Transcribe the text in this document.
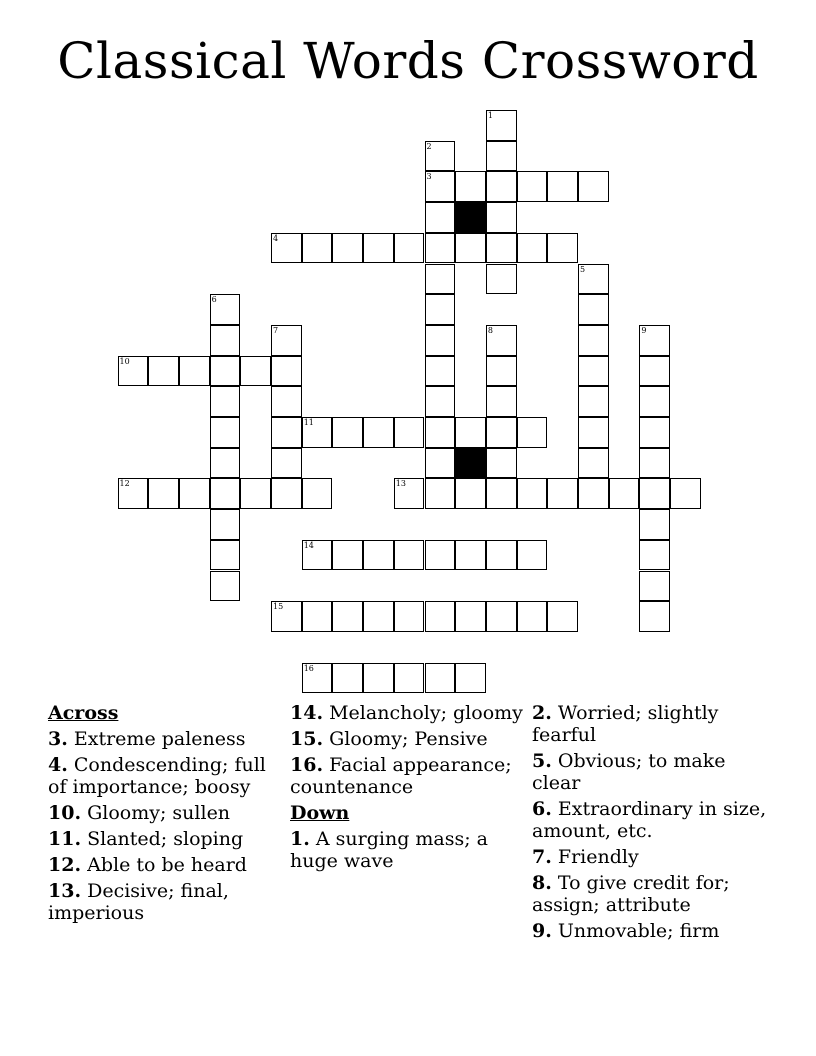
Classical Words Crossword
1
2
3
4
5
6
7	8	9
10
11
12	13
14
15
16
Across
3. Extreme paleness
4. Condescending; full of importance; boosy
10. Gloomy; sullen
11. Slanted; sloping
12. Able to be heard
13. Decisive; final, imperious
14. Melancholy; gloomy
15. Gloomy; Pensive
16. Facial appearance; countenance
Down
1. A surging mass; a huge wave
2. Worried; slightly fearful
5. Obvious; to make clear
6. Extraordinary in size, amount, etc.
7. Friendly
8. To give credit for; assign; attribute
9. Unmovable; firm
